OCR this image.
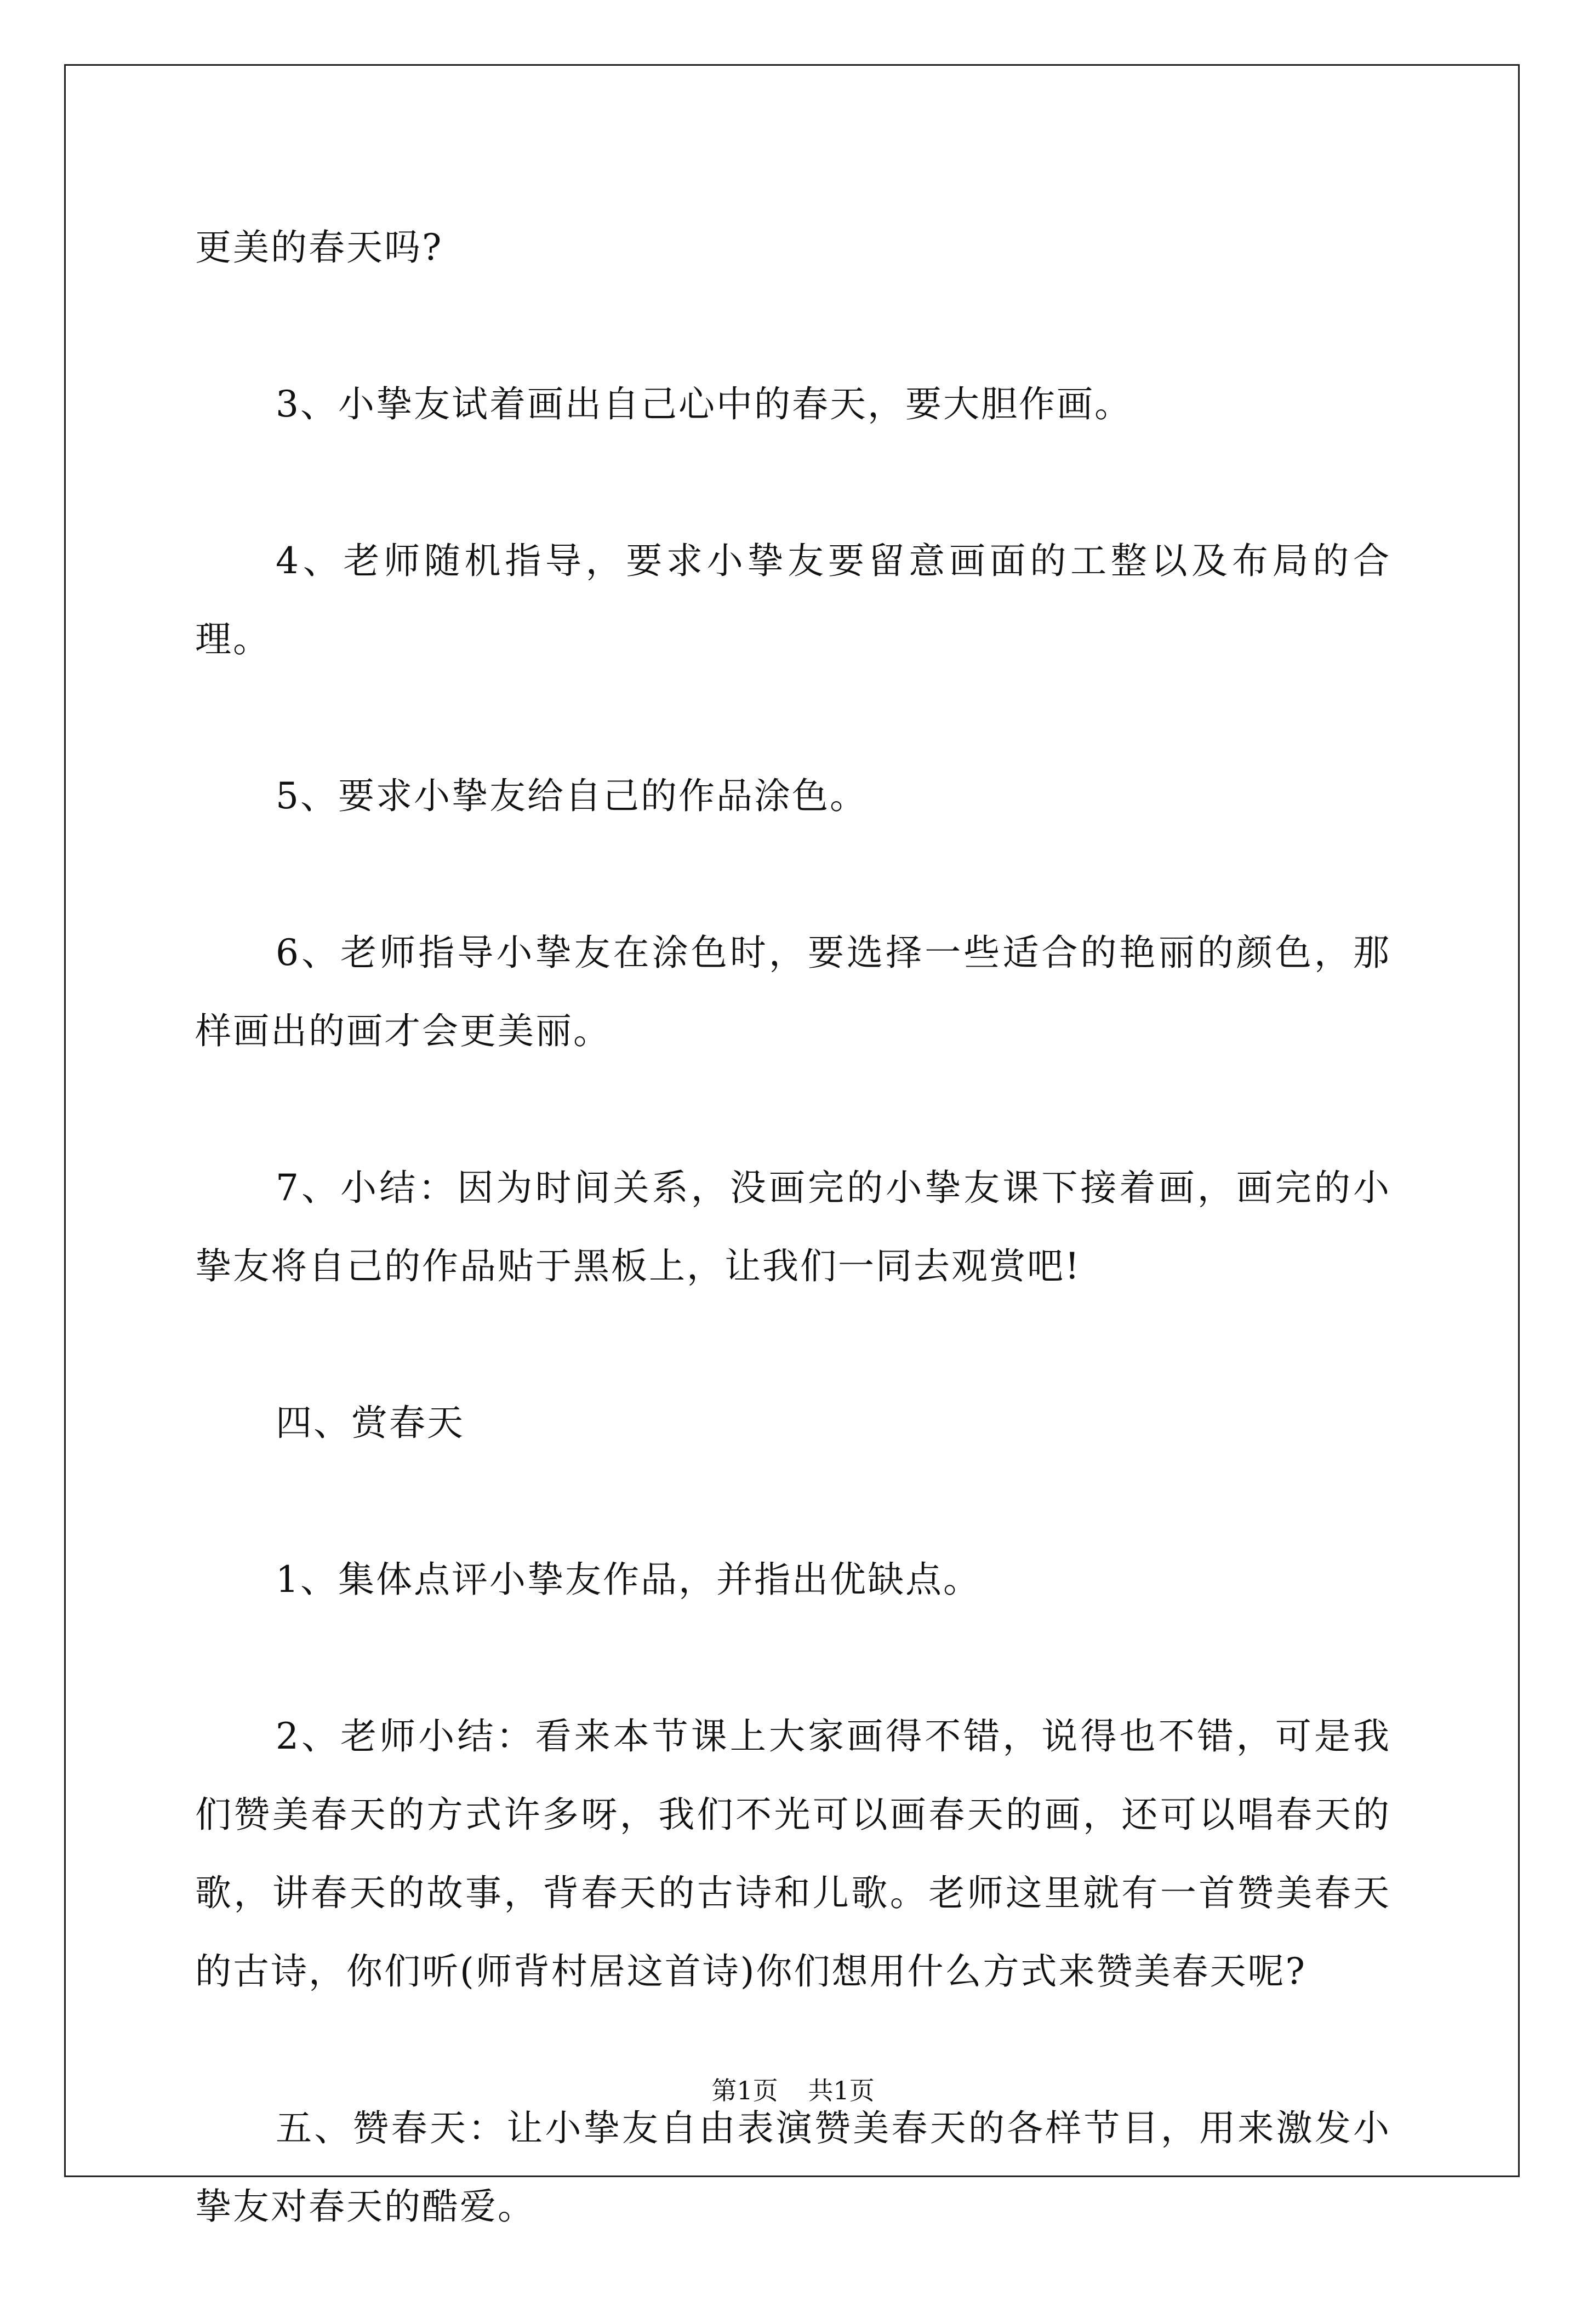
更美的春天吗?

3、小挚友试着画出自己心中的春天，要大胆作画。

4、老师随机指导，要求小挚友要留意画面的工整以及布局的合理。

5、要求小挚友给自己的作品涂色。

6、老师指导小挚友在涂色时，要选择一些适合的艳丽的颜色，那样画出的画才会更美丽。

7、小结：因为时间关系，没画完的小挚友课下接着画，画完的小挚友将自己的作品贴于黑板上，让我们一同去观赏吧!

四、赏春天

1、集体点评小挚友作品，并指出优缺点。

2、老师小结：看来本节课上大家画得不错，说得也不错，可是我们赞美春天的方式许多呀，我们不光可以画春天的画，还可以唱春天的歌，讲春天的故事，背春天的古诗和儿歌。老师这里就有一首赞美春天的古诗，你们听(师背村居这首诗)你们想用什么方式来赞美春天呢?

五、赞春天：让小挚友自由表演赞美春天的各样节目，用来激发小挚友对春天的酷爱。

第1页 共1页
